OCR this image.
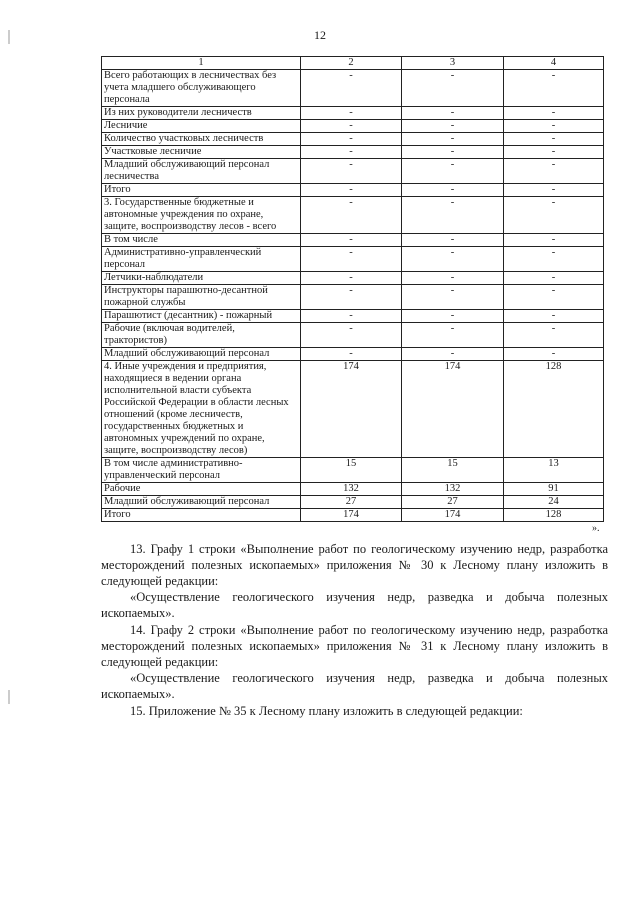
12
1	2	3	4
Всего работающих в лесничествах без учета младшего обслуживающего персонала	-	-	-
Из них руководители лесничеств	-	-	-
Лесничие	-	-	-
Количество участковых лесничеств	-	-	-
Участковые лесничие	-	-	-
Младший обслуживающий персонал лесничества	-	-	-
Итого	-	-	-
3. Государственные бюджетные и автономные учреждения по охране, защите, воспроизводству лесов - всего	-	-	-
В том числе	-	-	-
Административно-управленческий персонал	-	-	-
Летчики-наблюдатели	-	-	-
Инструкторы парашютно-десантной пожарной службы	-	-	-
Парашютист (десантник) - пожарный	-	-	-
Рабочие (включая водителей, трактористов)	-	-	-
Младший обслуживающий персонал	-	-	-
4. Иные учреждения и предприятия, находящиеся в ведении органа исполнительной власти субъекта Российской Федерации в области лесных отношений (кроме лесничеств, государственных бюджетных и автономных учреждений по охране, защите, воспроизводству лесов)	174	174	128
В том числе административно-управленческий персонал	15	15	13
Рабочие	132	132	91
Младший обслуживающий персонал	27	27	24
Итого	174	174	128
».

13. Графу 1 строки «Выполнение работ по геологическому изучению недр, разработка месторождений полезных ископаемых» приложения № 30 к Лесному плану изложить в следующей редакции:

«Осуществление геологического изучения недр, разведка и добыча полезных ископаемых».

14. Графу 2 строки «Выполнение работ по геологическому изучению недр, разработка месторождений полезных ископаемых» приложения № 31 к Лесному плану изложить в следующей редакции:

«Осуществление геологического изучения недр, разведка и добыча полезных ископаемых».

15. Приложение № 35 к Лесному плану изложить в следующей редакции:
